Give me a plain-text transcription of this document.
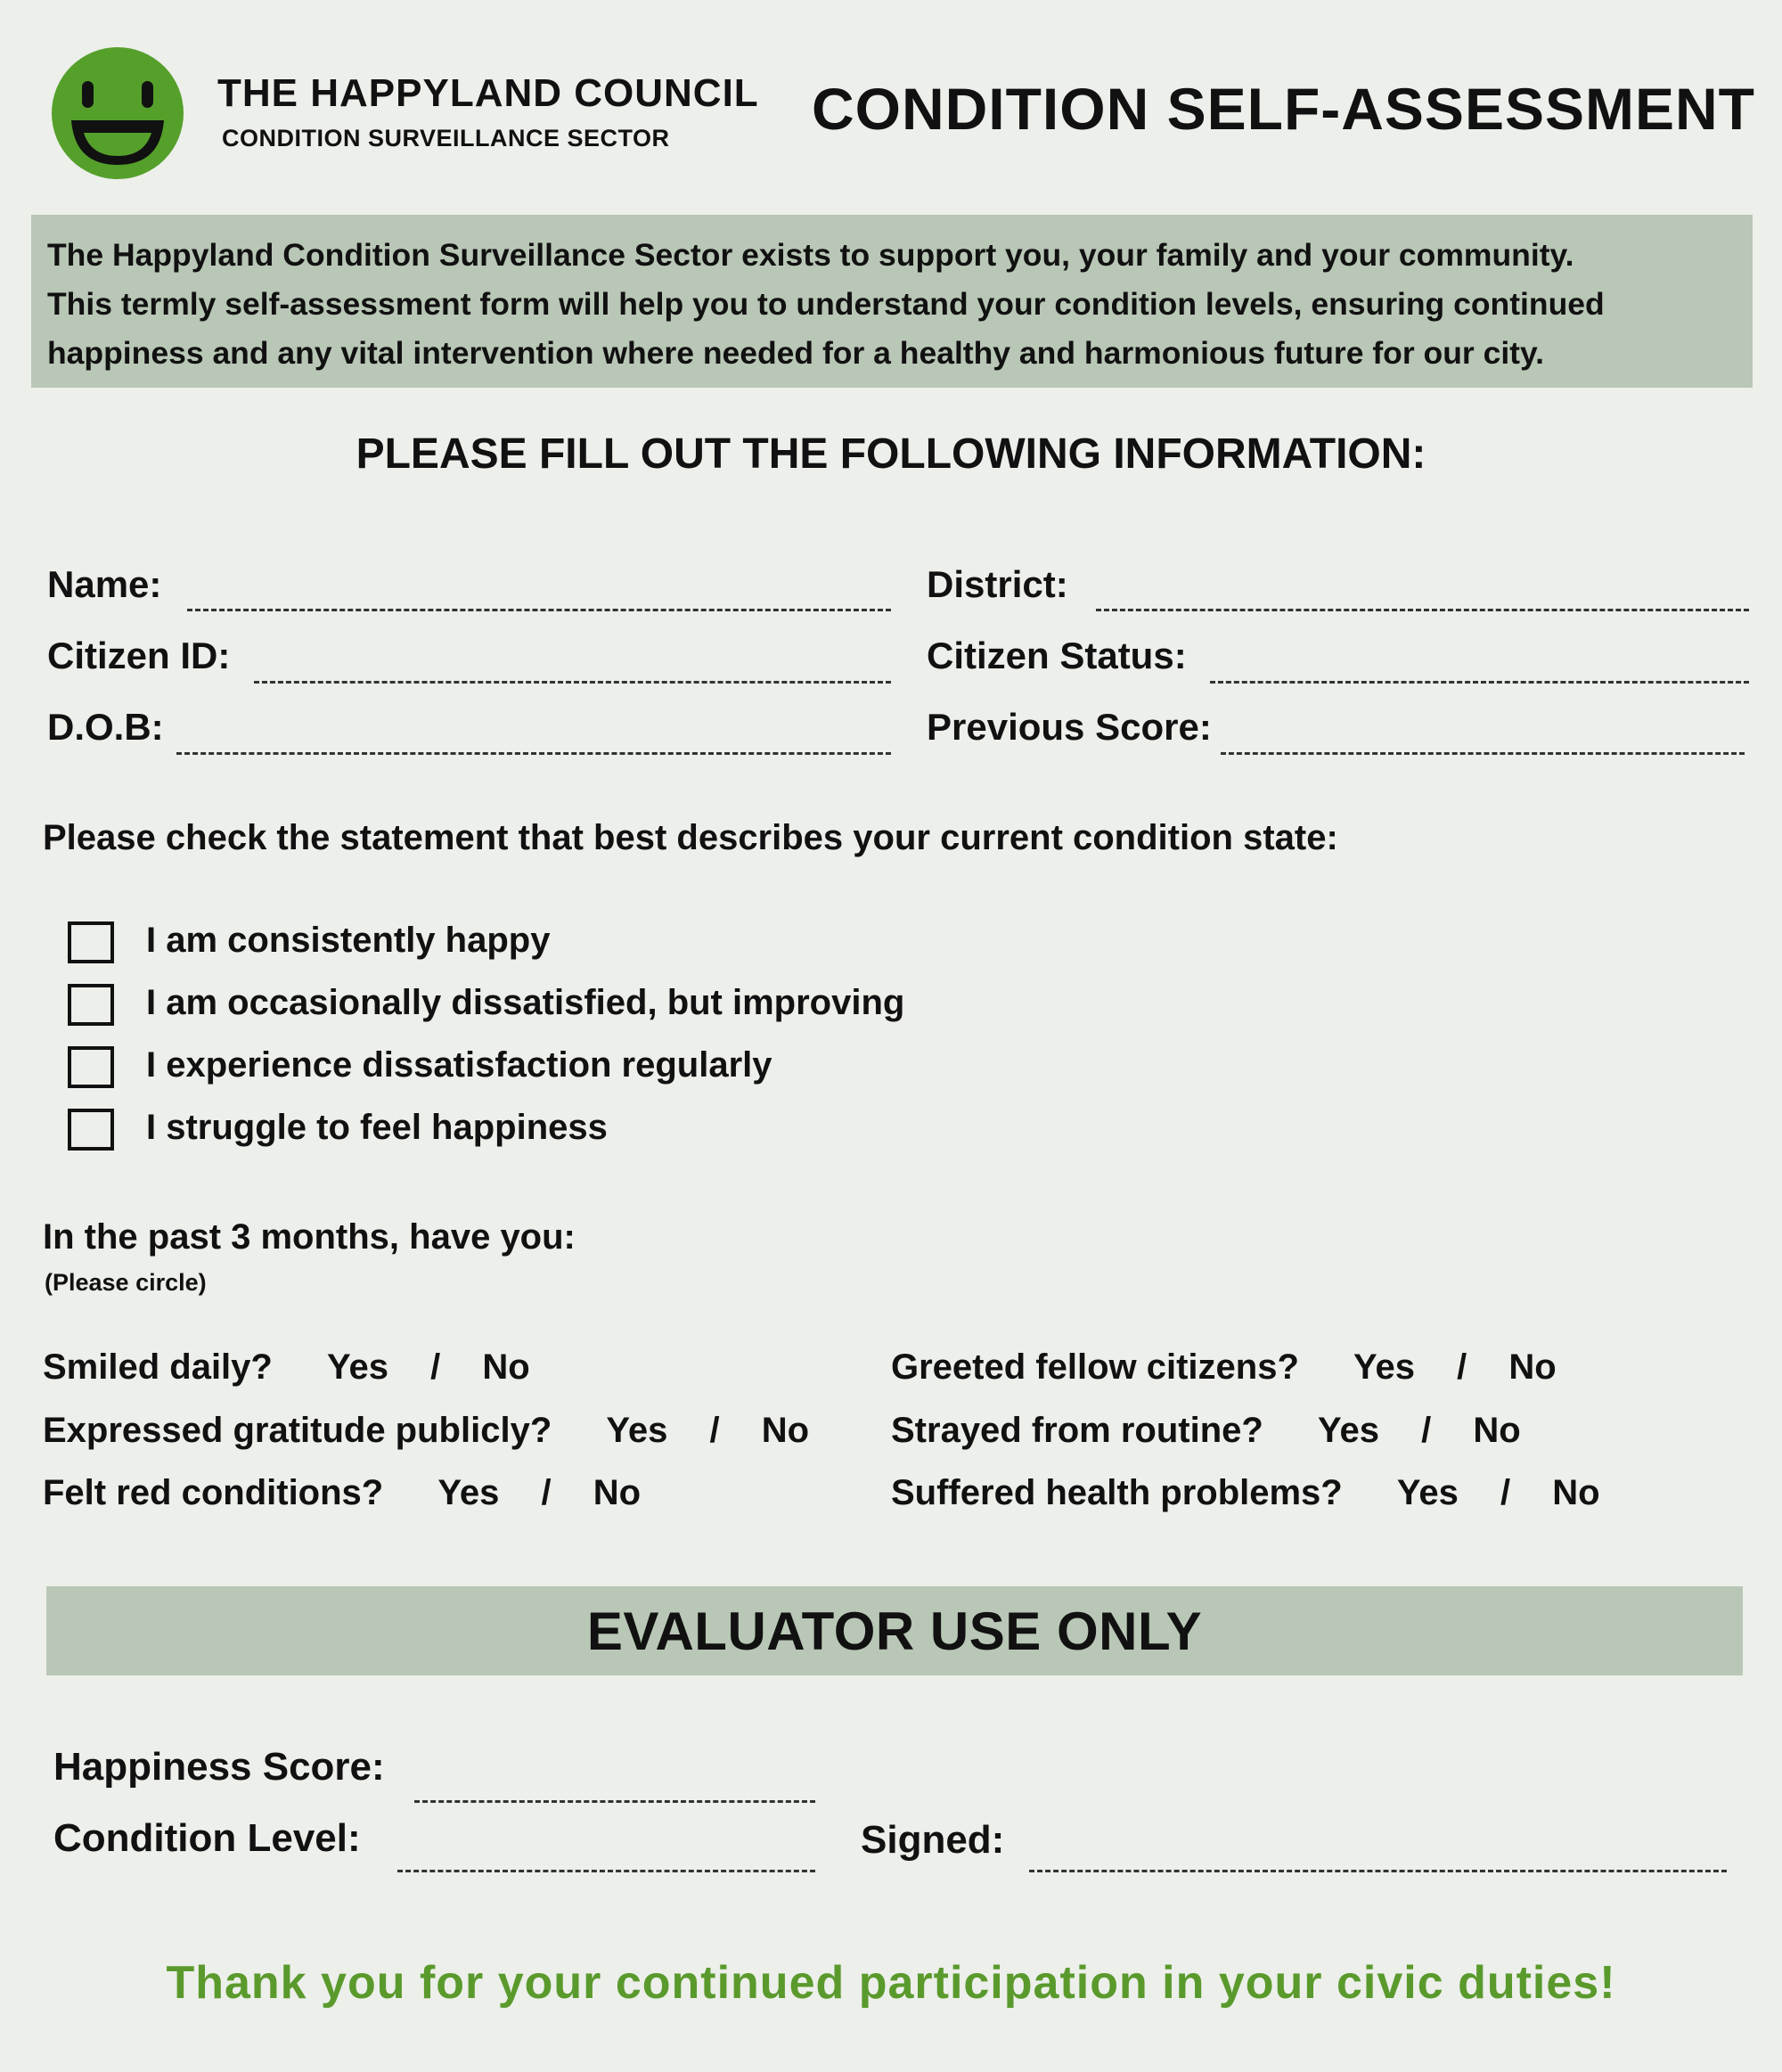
THE HAPPYLAND COUNCIL
CONDITION SURVEILLANCE SECTOR CONDITION SELF-ASSESSMENT
The Happyland Condition Surveillance Sector exists to support you, your family and your community.
This termly self-assessment form will help you to understand your condition levels, ensuring continued
happiness and any vital intervention where needed for a healthy and harmonious future for our city.
PLEASE FILL OUT THE FOLLOWING INFORMATION:
Name:
Citizen ID:
D.O.B:
District:
Citizen Status:
Previous Score:
Please check the statement that best describes your current condition state:
I am consistently happy
I am occasionally dissatisfied, but improving
I experience dissatisfaction regularly
I struggle to feel happiness
In the past 3 months, have you:
(Please circle)
Smiled daily? Yes / No
Expressed gratitude publicly? Yes / No
Felt red conditions? Yes / No
Greeted fellow citizens? Yes / No
Strayed from routine? Yes / No
Suffered health problems? Yes / No
EVALUATOR USE ONLY
Happiness Score:
Condition Level:	Signed:
Thank you for your continued participation in your civic duties!
